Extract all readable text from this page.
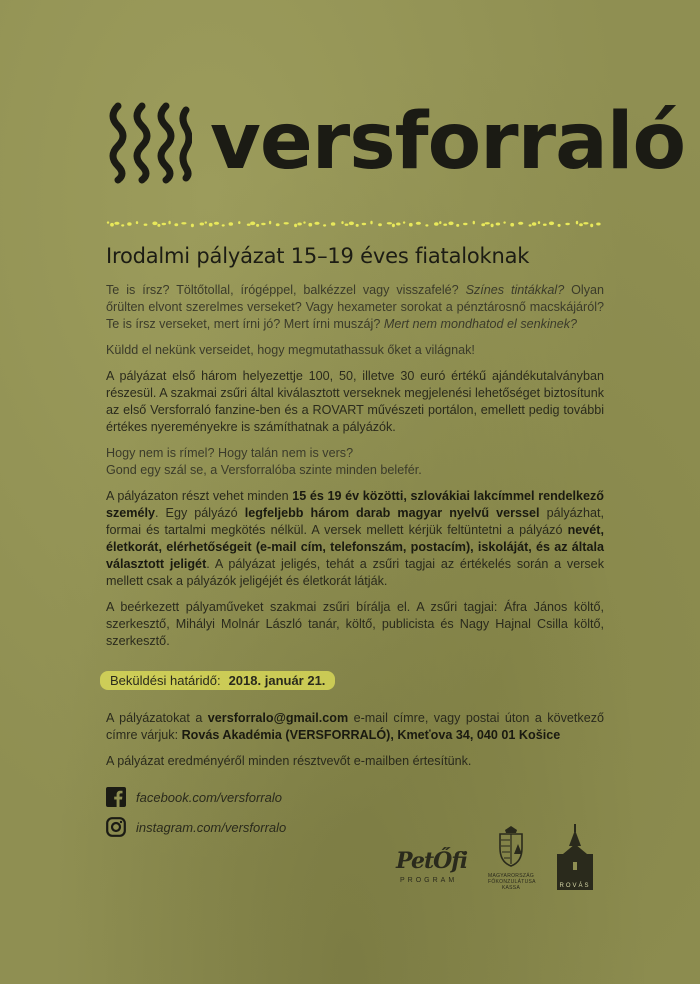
versforraló
Irodalmi pályázat 15–19 éves fiataloknak

Te is írsz? Töltőtollal, írógéppel, balkézzel vagy visszafelé? Színes tintákkal? Olyan őrülten elvont szerelmes verseket? Vagy hexameter sorokat a pénztárosnő macskájáról? Te is írsz verseket, mert írni jó? Mert írni muszáj? Mert nem mondhatod el senkinek?

Küldd el nekünk verseidet, hogy megmutathassuk őket a világnak!

A pályázat első három helyezettje 100, 50, illetve 30 euró értékű ajándékutalványban részesül. A szakmai zsűri által kiválasztott verseknek megjelenési lehetőséget biztosítunk az első Versforraló fanzine-ben és a ROVART művészeti portálon, emellett pedig további értékes nyereményekre is számíthatnak a pályázók.

Hogy nem is rímel? Hogy talán nem is vers?
Gond egy szál se, a Versforralóba szinte minden belefér.

A pályázaton részt vehet minden 15 és 19 év közötti, szlovákiai lakcímmel rendelkező személy. Egy pályázó legfeljebb három darab magyar nyelvű verssel pályázhat, formai és tartalmi megkötés nélkül. A versek mellett kérjük feltüntetni a pályázó nevét, életkorát, elérhetőségeit (e-mail cím, telefonszám, postacím), iskoláját, és az általa választott jeligét. A pályázat jeligés, tehát a zsűri tagjai az értékelés során a versek mellett csak a pályázók jeligéjét és életkorát látják.

A beérkezett pályaműveket szakmai zsűri bírálja el. A zsűri tagjai: Áfra János költő, szerkesztő, Mihályi Molnár László tanár, költő, publicista és Nagy Hajnal Csilla költő, szerkesztő.

Beküldési határidő: 2018. január 21.

A pályázatokat a versforralo@gmail.com e-mail címre, vagy postai úton a következő címre várjuk: Rovás Akadémia (VERSFORRALÓ), Kmeťova 34, 040 01 Košice

A pályázat eredményéről minden résztvevőt e-mailben értesítünk.

facebook.com/versforralo
instagram.com/versforralo
PetŐfi
PROGRAM
MAGYARORSZÁG FŐKONZULÁTUSA KASSA	ROVÁS
